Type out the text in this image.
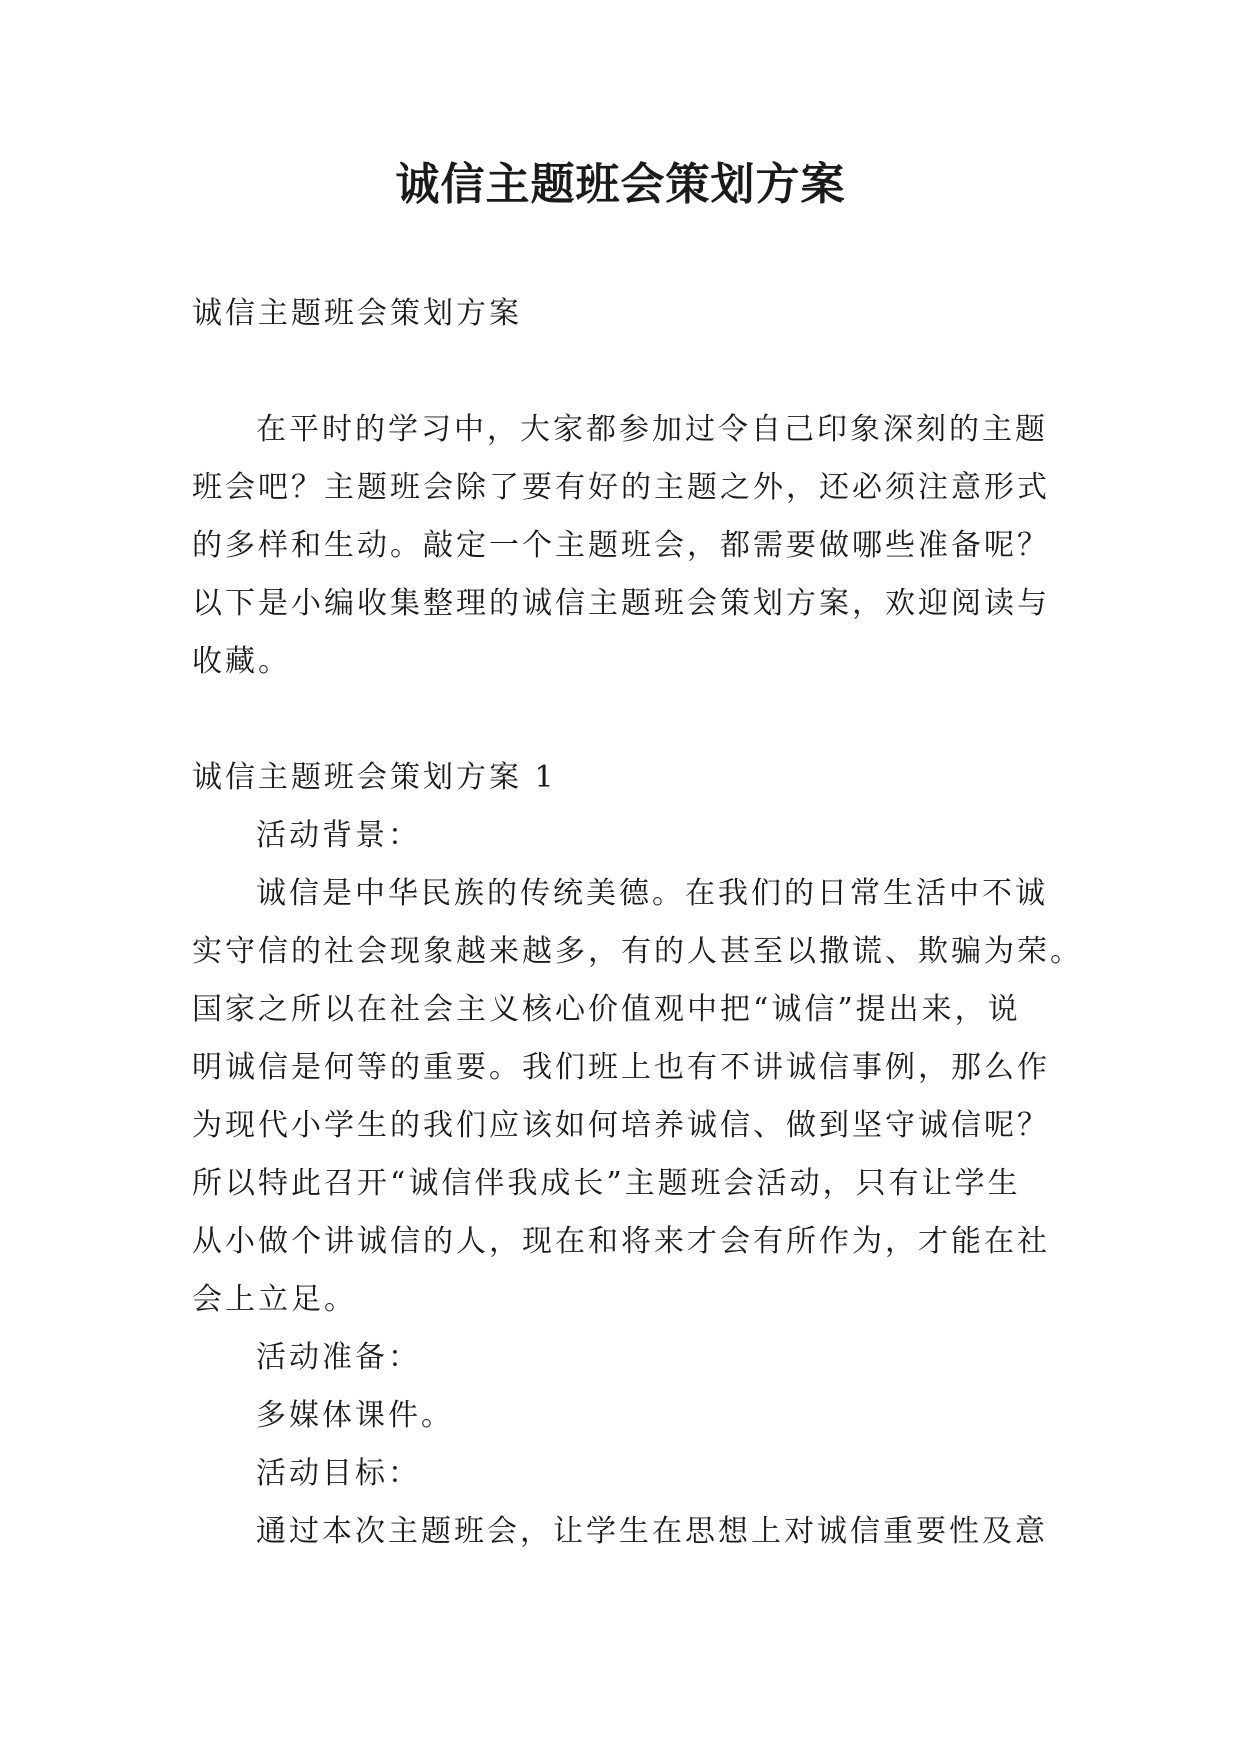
诚信主题班会策划方案
诚信主题班会策划方案
在平时的学习中，大家都参加过令自己印象深刻的主题
班会吧？主题班会除了要有好的主题之外，还必须注意形式
的多样和生动。敲定一个主题班会，都需要做哪些准备呢？
以下是小编收集整理的诚信主题班会策划方案，欢迎阅读与
收藏。
诚信主题班会策划方案 1
活动背景：
诚信是中华民族的传统美德。在我们的日常生活中不诚
实守信的社会现象越来越多，有的人甚至以撒谎、欺骗为荣。
国家之所以在社会主义核心价值观中把“诚信”提出来，说
明诚信是何等的重要。我们班上也有不讲诚信事例，那么作
为现代小学生的我们应该如何培养诚信、做到坚守诚信呢？
所以特此召开“诚信伴我成长”主题班会活动，只有让学生
从小做个讲诚信的人，现在和将来才会有所作为，才能在社
会上立足。
活动准备：
多媒体课件。
活动目标：
通过本次主题班会，让学生在思想上对诚信重要性及意
